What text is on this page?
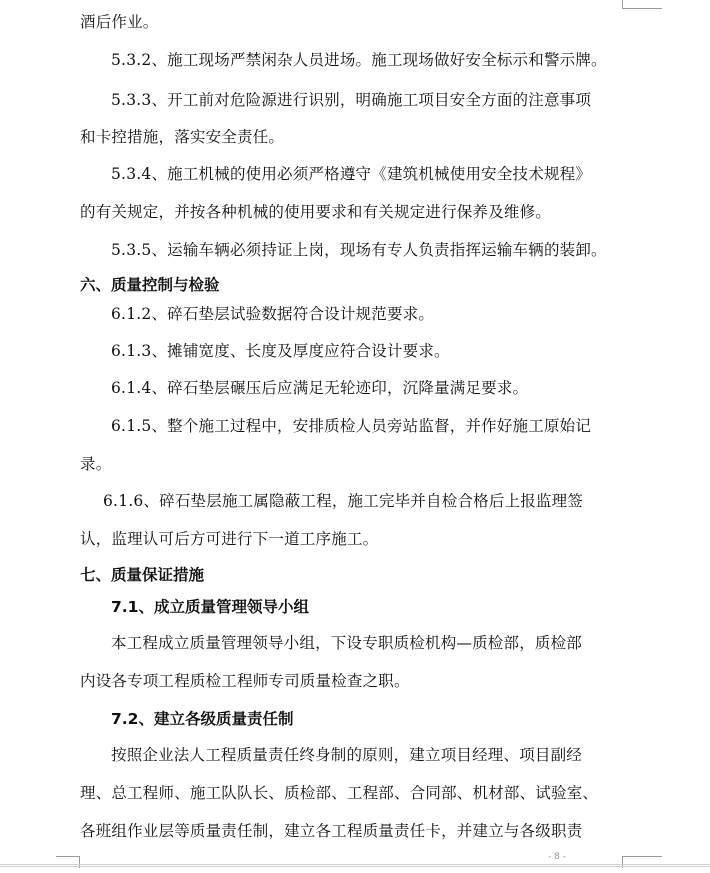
酒后作业。
5.3.2、施工现场严禁闲杂人员进场。施工现场做好安全标示和警示牌。
5.3.3、开工前对危险源进行识别，明确施工项目安全方面的注意事项
和卡控措施，落实安全责任。
5.3.4、施工机械的使用必须严格遵守《建筑机械使用安全技术规程》
的有关规定，并按各种机械的使用要求和有关规定进行保养及维修。
5.3.5、运输车辆必须持证上岗，现场有专人负责指挥运输车辆的装卸。
六、质量控制与检验
6.1.2、碎石垫层试验数据符合设计规范要求。
6.1.3、摊铺宽度、长度及厚度应符合设计要求。
6.1.4、碎石垫层碾压后应满足无轮迹印，沉降量满足要求。
6.1.5、整个施工过程中，安排质检人员旁站监督，并作好施工原始记
录。
6.1.6、碎石垫层施工属隐蔽工程，施工完毕并自检合格后上报监理签
认，监理认可后方可进行下一道工序施工。
七、质量保证措施
7.1、成立质量管理领导小组
本工程成立质量管理领导小组，下设专职质检机构—质检部，质检部
内设各专项工程质检工程师专司质量检查之职。
7.2、建立各级质量责任制
按照企业法人工程质量责任终身制的原则，建立项目经理、项目副经
理、总工程师、施工队队长、质检部、工程部、合同部、机材部、试验室、
各班组作业层等质量责任制，建立各工程质量责任卡，并建立与各级职责
- 8 -
